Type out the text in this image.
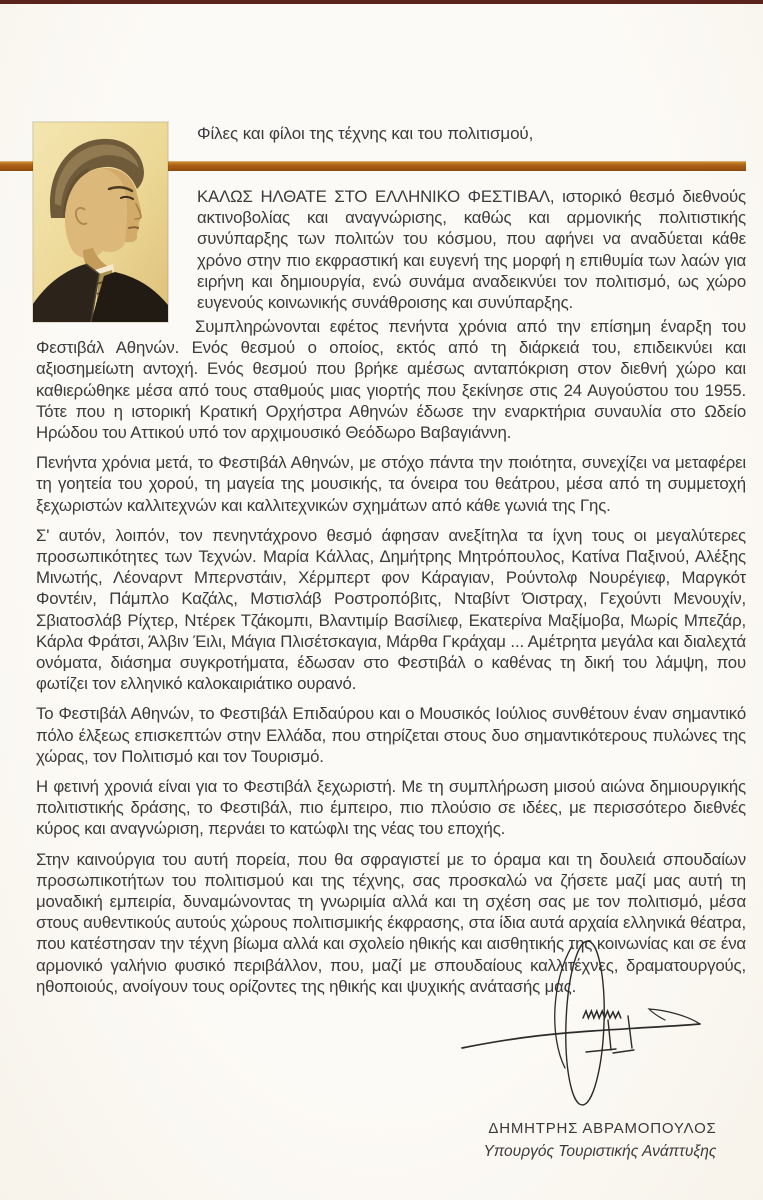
Φίλες και φίλοι της τέχνης και του πολιτισμού,

ΚΑΛΩΣ ΗΛΘΑΤΕ ΣΤΟ ΕΛΛΗΝΙΚΟ ΦΕΣΤΙΒΑΛ, ιστορικό θεσμό διεθνούς ακτινοβολίας και αναγνώρισης, καθώς και αρμονικής πολιτιστικής συνύπαρξης των πολιτών του κόσμου, που αφήνει να αναδύεται κάθε χρόνο στην πιο εκφραστική και ευγενή της μορφή η επιθυμία των λαών για ειρήνη και δημιουργία, ενώ συνάμα αναδεικνύει τον πολιτισμό, ως χώρο ευγενούς κοινωνικής συνάθροισης και συνύπαρξης.

Συμπληρώνονται εφέτος πενήντα χρόνια από την επίσημη έναρξη του Φεστιβάλ Αθηνών. Ενός θεσμού ο οποίος, εκτός από τη διάρκειά του, επιδεικνύει και αξιοσημείωτη αντοχή. Ενός θεσμού που βρήκε αμέσως ανταπόκριση στον διεθνή χώρο και καθιερώθηκε μέσα από τους σταθμούς μιας γιορτής που ξεκίνησε στις 24 Αυγούστου του 1955. Τότε που η ιστορική Κρατική Ορχήστρα Αθηνών έδωσε την εναρκτήρια συναυλία στο Ωδείο Ηρώδου του Αττικού υπό τον αρχιμουσικό Θεόδωρο Βαβαγιάννη.

Πενήντα χρόνια μετά, το Φεστιβάλ Αθηνών, με στόχο πάντα την ποιότητα, συνεχίζει να μεταφέρει τη γοητεία του χορού, τη μαγεία της μουσικής, τα όνειρα του θεάτρου, μέσα από τη συμμετοχή ξεχωριστών καλλιτεχνών και καλλιτεχνικών σχημάτων από κάθε γωνιά της Γης.

Σ' αυτόν, λοιπόν, τον πενηντάχρονο θεσμό άφησαν ανεξίτηλα τα ίχνη τους οι μεγαλύτερες προσωπικότητες των Τεχνών. Μαρία Κάλλας, Δημήτρης Μητρόπουλος, Κατίνα Παξινού, Αλέξης Μινωτής, Λέοναρντ Μπερνστάιν, Χέρμπερτ φον Κάραγιαν, Ρούντολφ Νουρέγιεφ, Μαργκότ Φοντέιν, Πάμπλο Καζάλς, Μστισλάβ Ροστροπόβιτς, Νταβίντ Όιστραχ, Γεχούντι Μενουχίν, Σβιατοσλάβ Ρίχτερ, Ντέρεκ Τζάκομπι, Βλαντιμίρ Βασίλιεφ, Εκατερίνα Μαξίμοβα, Μωρίς Μπεζάρ, Κάρλα Φράτσι, Άλβιν Έιλι, Μάγια Πλισέτσκαγια, Μάρθα Γκράχαμ ... Αμέτρητα μεγάλα και διαλεχτά ονόματα, διάσημα συγκροτήματα, έδωσαν στο Φεστιβάλ ο καθένας τη δική του λάμψη, που φωτίζει τον ελληνικό καλοκαιριάτικο ουρανό.

Το Φεστιβάλ Αθηνών, το Φεστιβάλ Επιδαύρου και ο Μουσικός Ιούλιος συνθέτουν έναν σημαντικό πόλο έλξεως επισκεπτών στην Ελλάδα, που στηρίζεται στους δυο σημαντικότερους πυλώνες της χώρας, τον Πολιτισμό και τον Τουρισμό.

Η φετινή χρονιά είναι για το Φεστιβάλ ξεχωριστή. Με τη συμπλήρωση μισού αιώνα δημιουργικής πολιτιστικής δράσης, το Φεστιβάλ, πιο έμπειρο, πιο πλούσιο σε ιδέες, με περισσότερο διεθνές κύρος και αναγνώριση, περνάει το κατώφλι της νέας του εποχής.

Στην καινούργια του αυτή πορεία, που θα σφραγιστεί με το όραμα και τη δουλειά σπουδαίων προσωπικοτήτων του πολιτισμού και της τέχνης, σας προσκαλώ να ζήσετε μαζί μας αυτή τη μοναδική εμπειρία, δυναμώνοντας τη γνωριμία αλλά και τη σχέση σας με τον πολιτισμό, μέσα στους αυθεντικούς αυτούς χώρους πολιτισμικής έκφρασης, στα ίδια αυτά αρχαία ελληνικά θέατρα, που κατέστησαν την τέχνη βίωμα αλλά και σχολείο ηθικής και αισθητικής της κοινωνίας και σε ένα αρμονικό γαλήνιο φυσικό περιβάλλον, που, μαζί με σπουδαίους καλλιτέχνες, δραματουργούς, ηθοποιούς, ανοίγουν τους ορίζοντες της ηθικής και ψυχικής ανάτασής μας.

ΔΗΜΗΤΡΗΣ ΑΒΡΑΜΟΠΟΥΛΟΣ
Υπουργός Τουριστικής Ανάπτυξης
